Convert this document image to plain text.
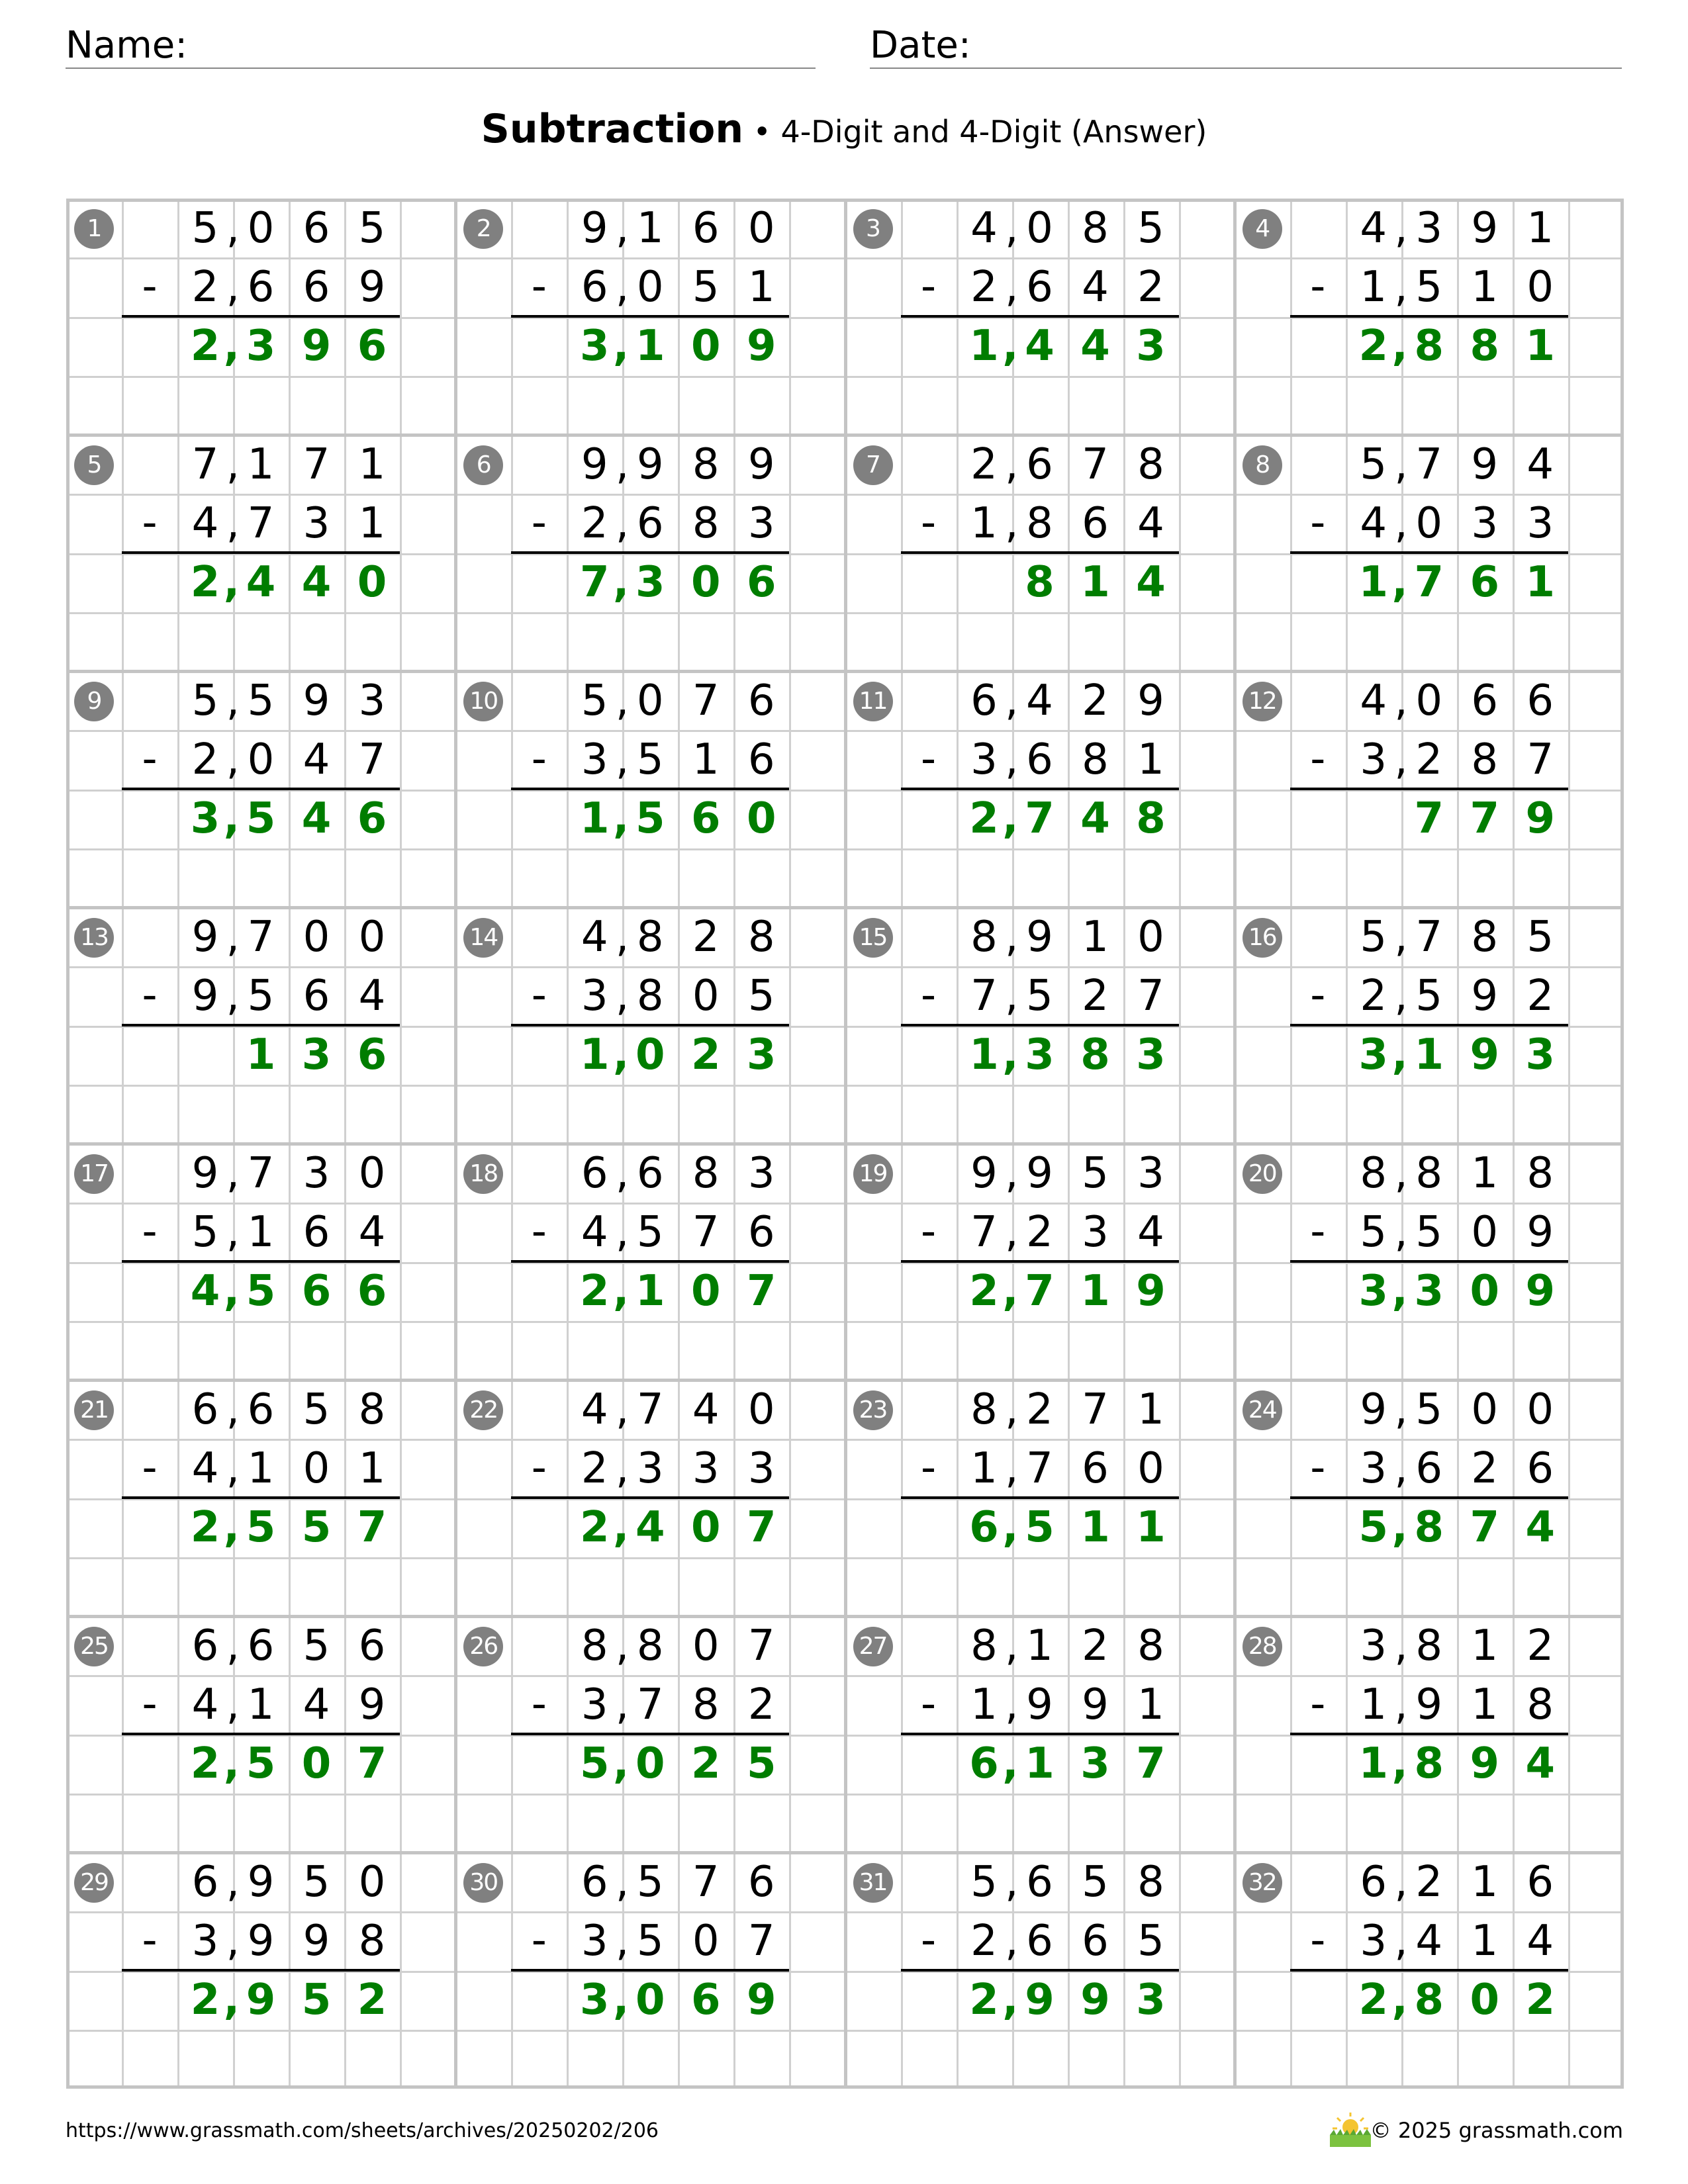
Name:	Date:
Subtraction • 4-Digit and 4-Digit (Answer)
1	5 , 0 6 5
2 , 6 6 9
-
2 , 3 9 6
2	9 , 1 6 0
6 , 0 5 1
-
3 , 1 0 9
3	4 , 0 8 5
2 , 6 4 2
-
1 , 4 4 3
4	4 , 3 9 1
1 , 5 1 0
-
2 , 8 8 1
5	7 , 1 7 1
4 , 7 3 1
-
2 , 4 4 0
6	9 , 9 8 9
2 , 6 8 3
-
7 , 3 0 6
7	2 , 6 7 8
1 , 8 6 4
-
8 1 4
8	5 , 7 9 4
4 , 0 3 3
-
1 , 7 6 1
9	5 , 5 9 3
2 , 0 4 7
-
3 , 5 4 6
10	5 , 0 7 6
3 , 5 1 6
-
1 , 5 6 0
11	6 , 4 2 9
3 , 6 8 1
-
2 , 7 4 8
12	4 , 0 6 6
3 , 2 8 7
-
7 7 9
13	9 , 7 0 0
9 , 5 6 4
-
1 3 6
14	4 , 8 2 8
3 , 8 0 5
-
1 , 0 2 3
15	8 , 9 1 0
7 , 5 2 7
-
1 , 3 8 3
16	5 , 7 8 5
2 , 5 9 2
-
3 , 1 9 3
17	9 , 7 3 0
5 , 1 6 4
-
4 , 5 6 6
18	6 , 6 8 3
4 , 5 7 6
-
2 , 1 0 7
19	9 , 9 5 3
7 , 2 3 4
-
2 , 7 1 9
20	8 , 8 1 8
5 , 5 0 9
-
3 , 3 0 9
21	6 , 6 5 8
4 , 1 0 1
-
2 , 5 5 7
22	4 , 7 4 0
2 , 3 3 3
-
2 , 4 0 7
23	8 , 2 7 1
1 , 7 6 0
-
6 , 5 1 1
24	9 , 5 0 0
3 , 6 2 6
-
5 , 8 7 4
25	6 , 6 5 6
4 , 1 4 9
-
2 , 5 0 7
26	8 , 8 0 7
3 , 7 8 2
-
5 , 0 2 5
27	8 , 1 2 8
1 , 9 9 1
-
6 , 1 3 7
28	3 , 8 1 2
1 , 9 1 8
-
1 , 8 9 4
29	6 , 9 5 0
3 , 9 9 8
-
2 , 9 5 2
30	6 , 5 7 6
3 , 5 0 7
-
3 , 0 6 9
31	5 , 6 5 8
2 , 6 6 5
-
2 , 9 9 3
32	6 , 2 1 6
3 , 4 1 4
-
2 , 8 0 2
https://www.grassmath.com/sheets/archives/20250202/206	© 2025 grassmath.com
